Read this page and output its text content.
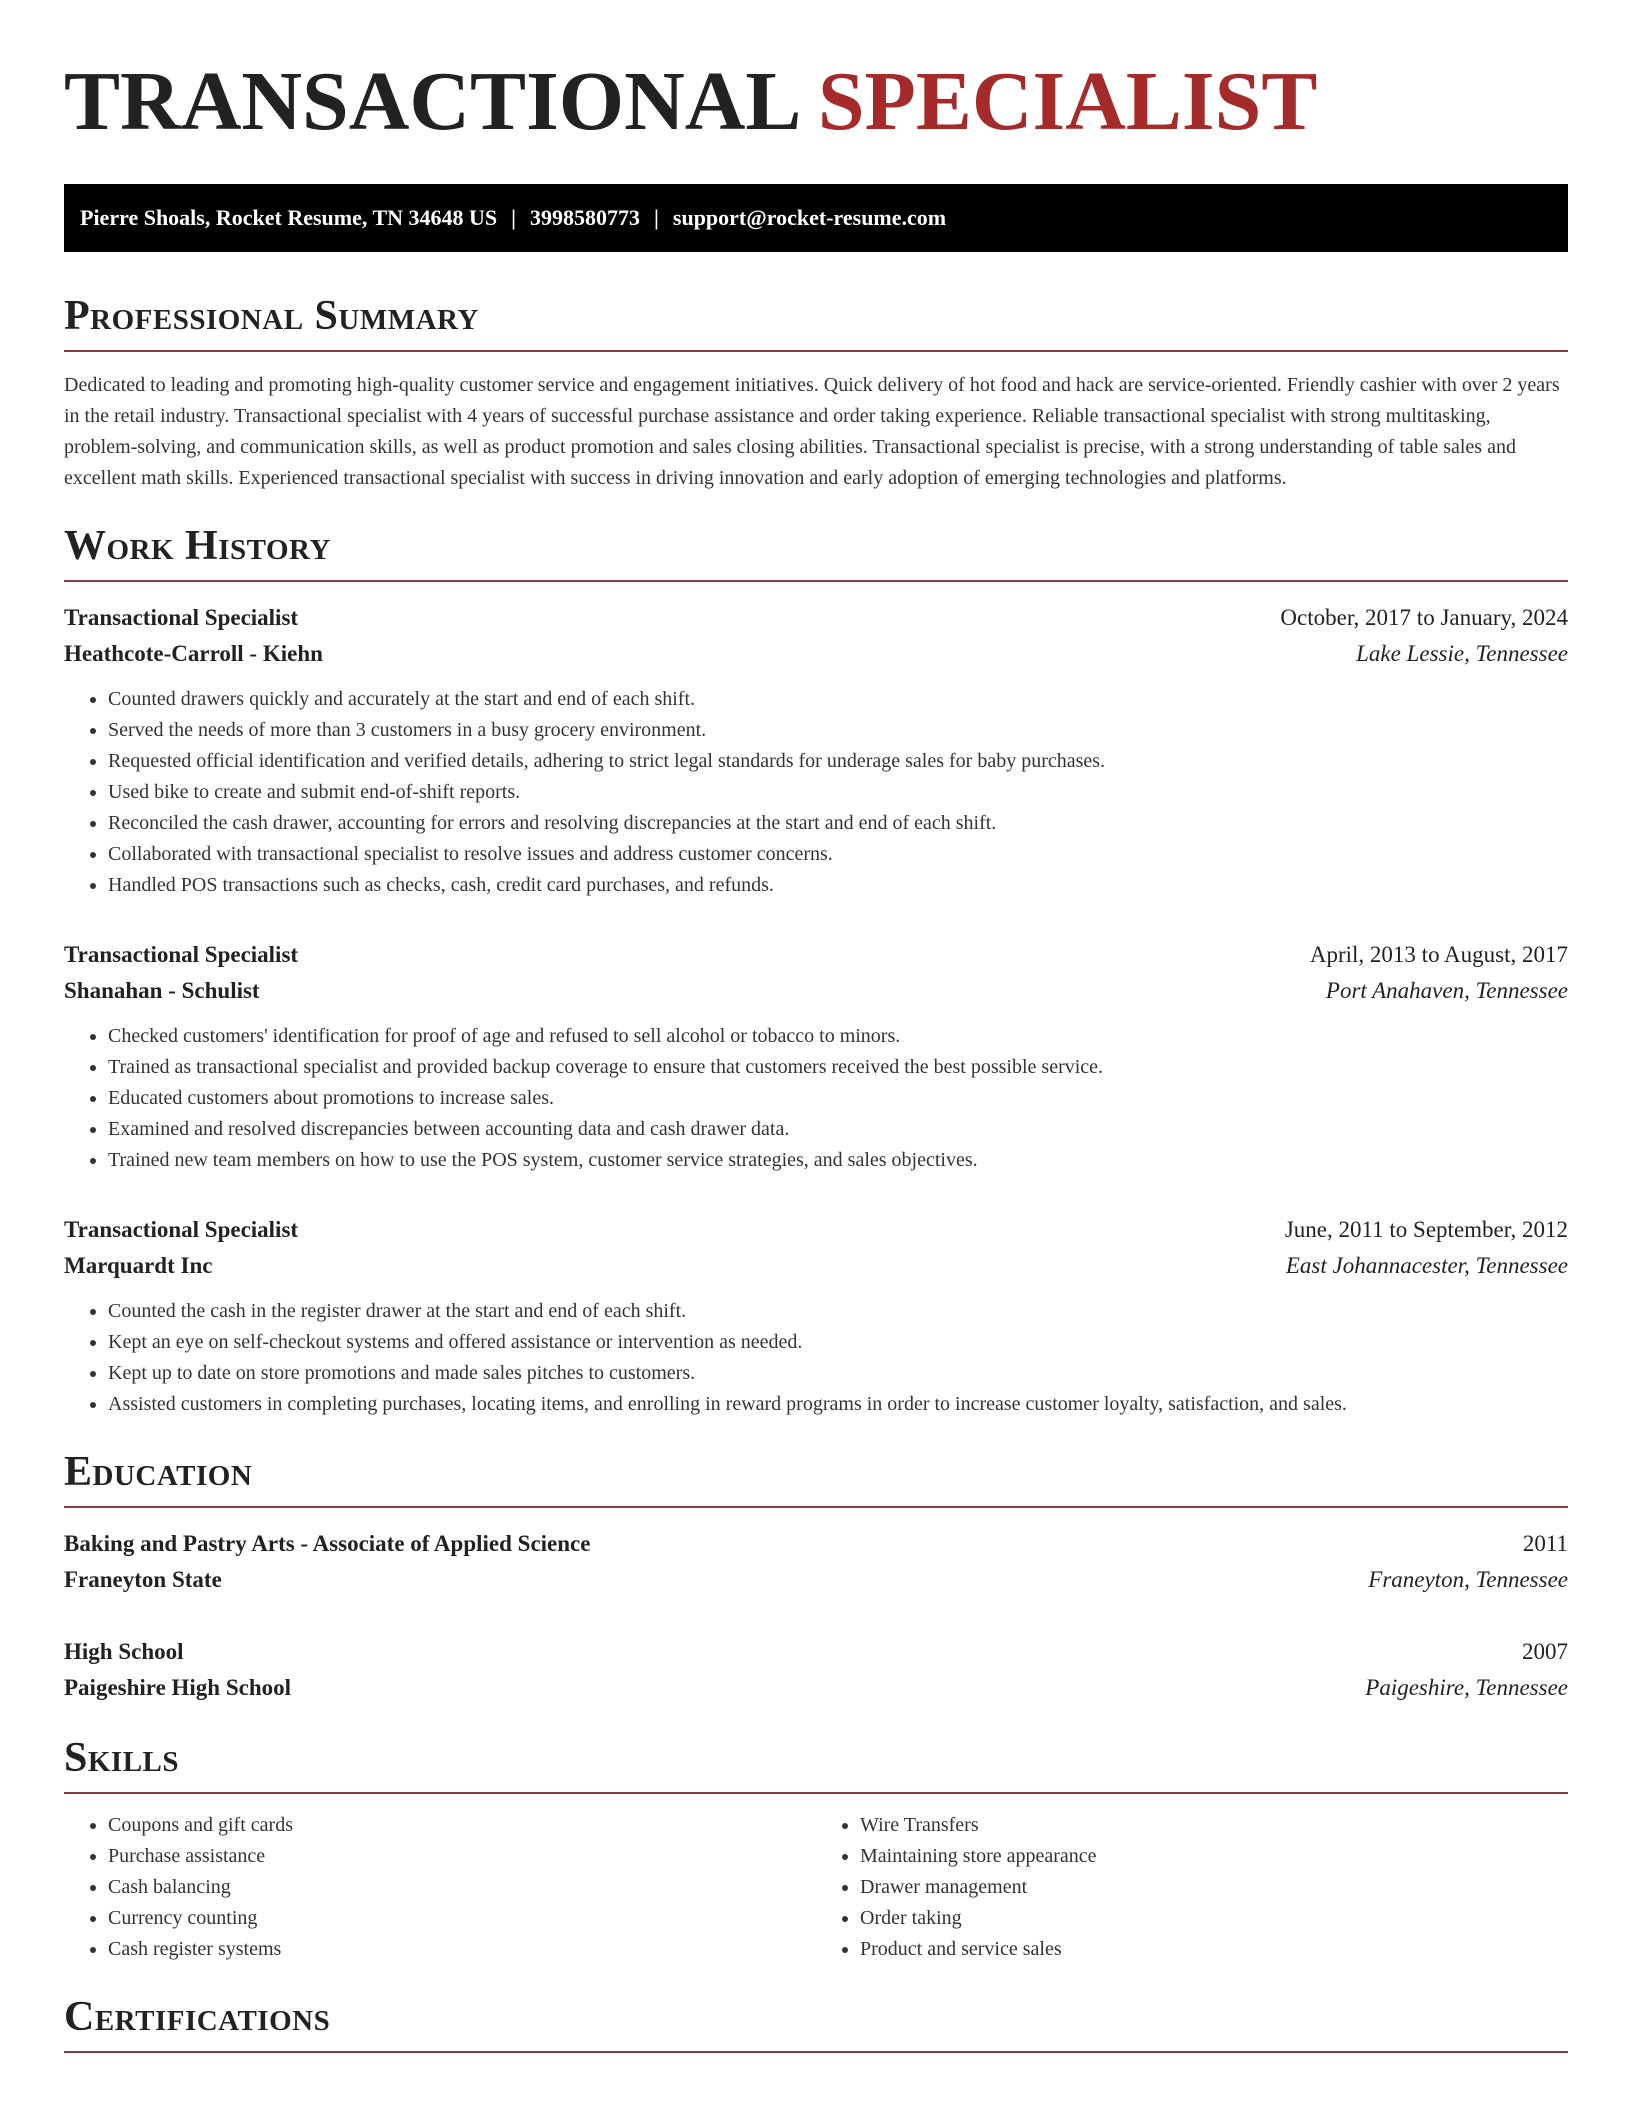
TRANSACTIONAL SPECIALIST
Pierre Shoals, Rocket Resume, TN 34648 US | 3998580773 | support@rocket-resume.com
Professional Summary

Dedicated to leading and promoting high-quality customer service and engagement initiatives. Quick delivery of hot food and hack are service-oriented. Friendly cashier with over 2 years in the retail industry. Transactional specialist with 4 years of successful purchase assistance and order taking experience. Reliable transactional specialist with strong multitasking, problem-solving, and communication skills, as well as product promotion and sales closing abilities. Transactional specialist is precise, with a strong understanding of table sales and excellent math skills. Experienced transactional specialist with success in driving innovation and early adoption of emerging technologies and platforms.

Work History
Transactional Specialist	October, 2017 to January, 2024
Heathcote-Carroll - Kiehn	Lake Lessie, Tennessee
• Counted drawers quickly and accurately at the start and end of each shift.
• Served the needs of more than 3 customers in a busy grocery environment.
• Requested official identification and verified details, adhering to strict legal standards for underage sales for baby purchases.
• Used bike to create and submit end-of-shift reports.
• Reconciled the cash drawer, accounting for errors and resolving discrepancies at the start and end of each shift.
• Collaborated with transactional specialist to resolve issues and address customer concerns.
• Handled POS transactions such as checks, cash, credit card purchases, and refunds.
Transactional Specialist	April, 2013 to August, 2017
Shanahan - Schulist	Port Anahaven, Tennessee
• Checked customers' identification for proof of age and refused to sell alcohol or tobacco to minors.
• Trained as transactional specialist and provided backup coverage to ensure that customers received the best possible service.
• Educated customers about promotions to increase sales.
• Examined and resolved discrepancies between accounting data and cash drawer data.
• Trained new team members on how to use the POS system, customer service strategies, and sales objectives.
Transactional Specialist	June, 2011 to September, 2012
Marquardt Inc	East Johannacester, Tennessee
• Counted the cash in the register drawer at the start and end of each shift.
• Kept an eye on self-checkout systems and offered assistance or intervention as needed.
• Kept up to date on store promotions and made sales pitches to customers.
• Assisted customers in completing purchases, locating items, and enrolling in reward programs in order to increase customer loyalty, satisfaction, and sales.
Education
Baking and Pastry Arts - Associate of Applied Science	2011
Franeyton State	Franeyton, Tennessee
High School	2007
Paigeshire High School	Paigeshire, Tennessee
Skills
• Coupons and gift cards
• Purchase assistance
• Cash balancing
• Currency counting
• Cash register systems
• Wire Transfers
• Maintaining store appearance
• Drawer management
• Order taking
• Product and service sales
Certifications
